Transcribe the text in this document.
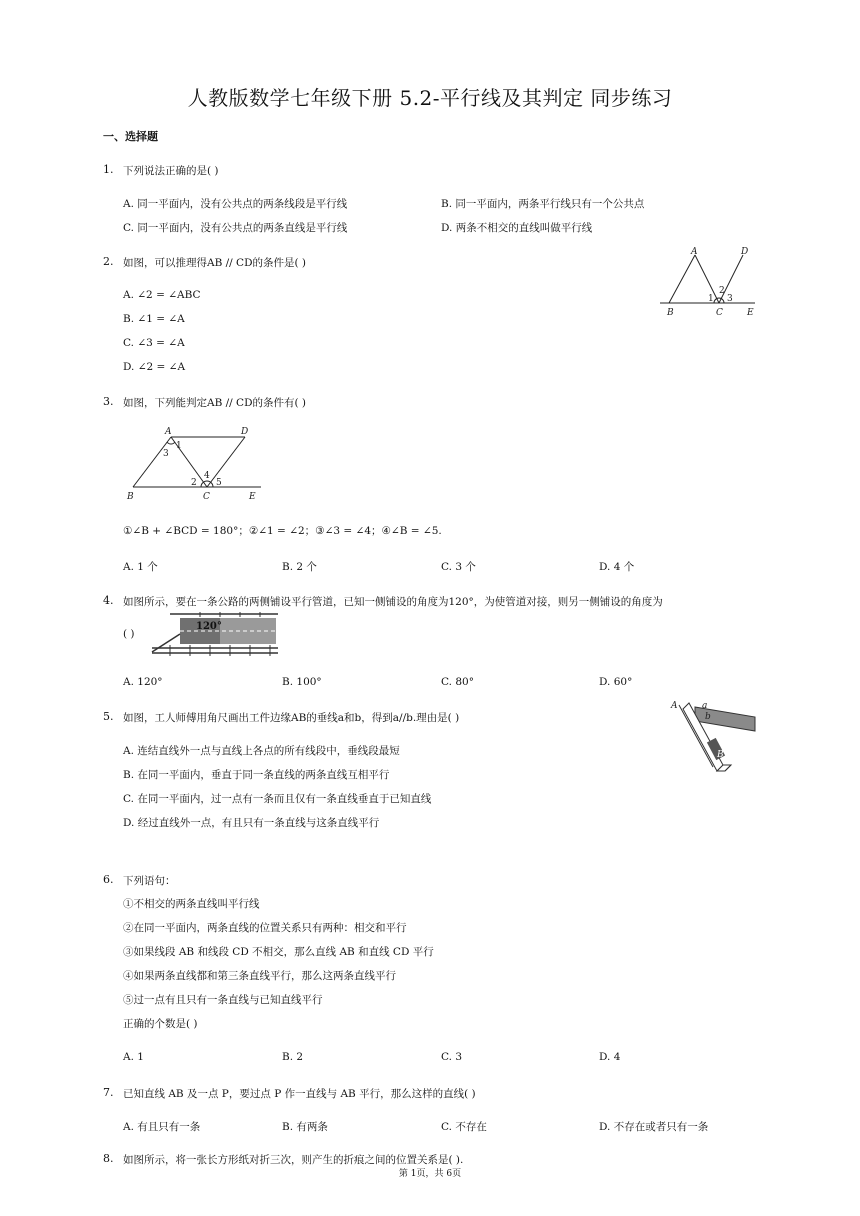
人教版数学七年级下册 5.2-平行线及其判定 同步练习
一、选择题
1. 下列说法正确的是( )
A. 同一平面内，没有公共点的两条线段是平行线	B. 同一平面内，两条平行线只有一个公共点
C. 同一平面内，没有公共点的两条直线是平行线	D. 两条不相交的直线叫做平行线
2. 如图，可以推理得AB // CD的条件是( )
A. ∠2 = ∠ABC
B. ∠1 = ∠A
C. ∠3 = ∠A
D. ∠2 = ∠A
A	D
B	C	E
1
2
3
3. 如图，下列能判定AB // CD的条件有( )
A	D
B	C	E
1
3
2
4
5
①∠B + ∠BCD = 180°；②∠1 = ∠2；③∠3 = ∠4；④∠B = ∠5.
A. 1 个	B. 2 个	C. 3 个	D. 4 个
4. 如图所示，要在一条公路的两侧铺设平行管道，已知一侧铺设的角度为120°，为使管道对接，则另一侧铺设的角度为
( )
120°
A. 120°	B. 100°	C. 80°	D. 60°
5. 如图，工人师傅用角尺画出工件边缘AB的垂线a和b，得到a//b.理由是( )
A. 连结直线外一点与直线上各点的所有线段中，垂线段最短
B. 在同一平面内，垂直于同一条直线的两条直线互相平行
C. 在同一平面内，过一点有一条而且仅有一条直线垂直于已知直线
D. 经过直线外一点，有且只有一条直线与这条直线平行
A	a
b
B
6. 下列语句：
①不相交的两条直线叫平行线
②在同一平面内，两条直线的位置关系只有两种：相交和平行
③如果线段 AB 和线段 CD 不相交，那么直线 AB 和直线 CD 平行
④如果两条直线都和第三条直线平行，那么这两条直线平行
⑤过一点有且只有一条直线与已知直线平行
正确的个数是( )
A. 1	B. 2	C. 3	D. 4
7. 已知直线 AB 及一点 P，要过点 P 作一直线与 AB 平行，那么这样的直线( )
A. 有且只有一条	B. 有两条	C. 不存在	D. 不存在或者只有一条
8. 如图所示，将一张长方形纸对折三次，则产生的折痕之间的位置关系是( ).
第 1页，共 6页
